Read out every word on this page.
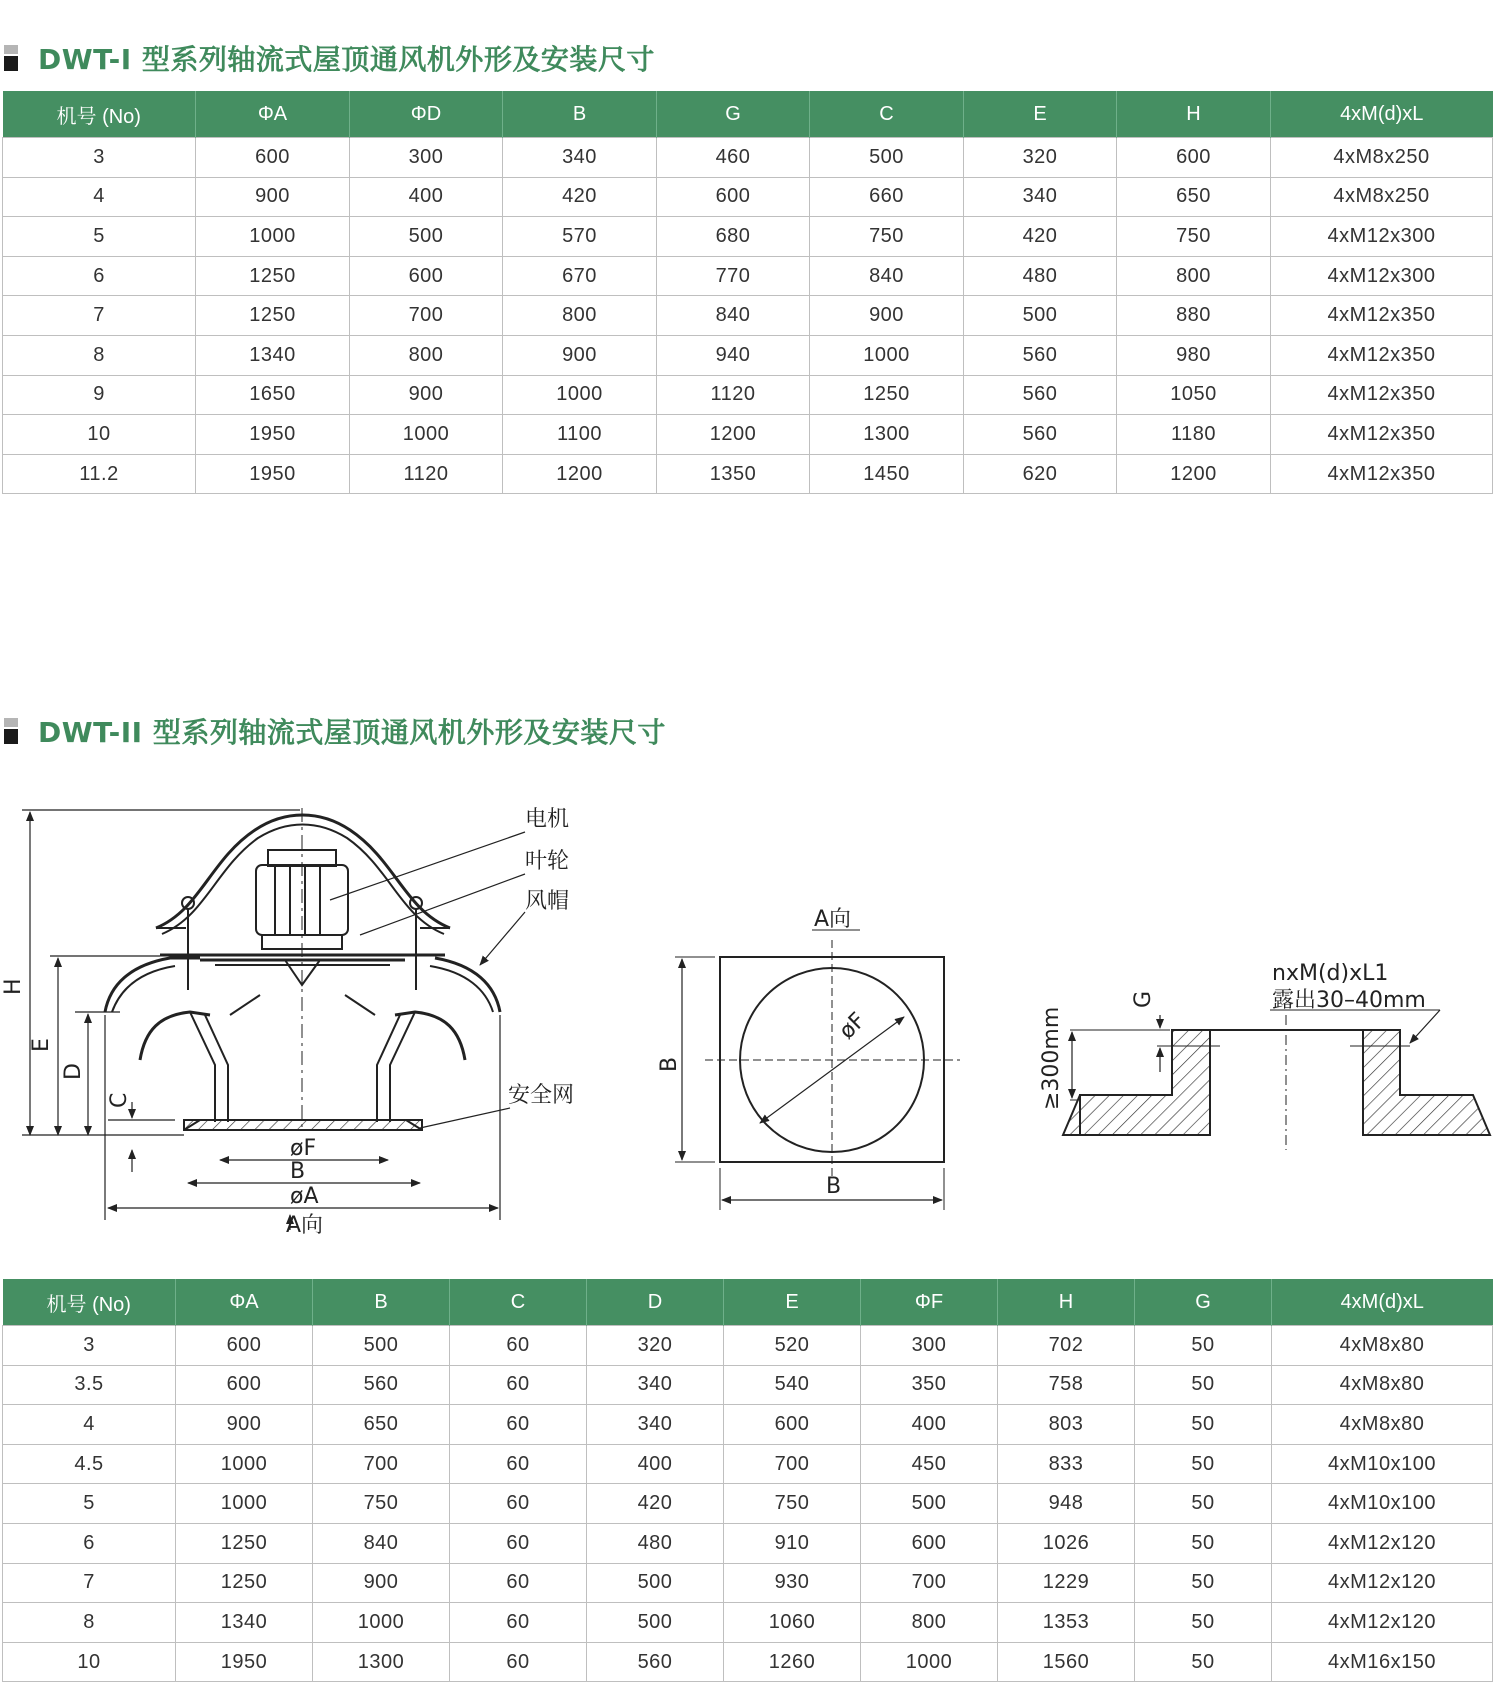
DWT-I 型系列轴流式屋顶通风机外形及安装尺寸
机号 (No)	ΦA	ΦD	B	G	C	E	H	4xM(d)xL
3	600	300	340	460	500	320	600	4xM8x250
4	900	400	420	600	660	340	650	4xM8x250
5	1000	500	570	680	750	420	750	4xM12x300
6	1250	600	670	770	840	480	800	4xM12x300
7	1250	700	800	840	900	500	880	4xM12x350
8	1340	800	900	940	1000	560	980	4xM12x350
9	1650	900	1000	1120	1250	560	1050	4xM12x350
10	1950	1000	1100	1200	1300	560	1180	4xM12x350
11.2	1950	1120	1200	1350	1450	620	1200	4xM12x350
DWT-II 型系列轴流式屋顶通风机外形及安装尺寸
电机
叶轮
风帽
安全网
H
E
D
C
øF
B
øA
A向
A向
B
B
øF
nxM(d)xL1
露出30–40mm
G
≥300mm
机号 (No)	ΦA	B	C	D	E	ΦF	H	G	4xM(d)xL
3	600	500	60	320	520	300	702	50	4xM8x80
3.5	600	560	60	340	540	350	758	50	4xM8x80
4	900	650	60	340	600	400	803	50	4xM8x80
4.5	1000	700	60	400	700	450	833	50	4xM10x100
5	1000	750	60	420	750	500	948	50	4xM10x100
6	1250	840	60	480	910	600	1026	50	4xM12x120
7	1250	900	60	500	930	700	1229	50	4xM12x120
8	1340	1000	60	500	1060	800	1353	50	4xM12x120
10	1950	1300	60	560	1260	1000	1560	50	4xM16x150
